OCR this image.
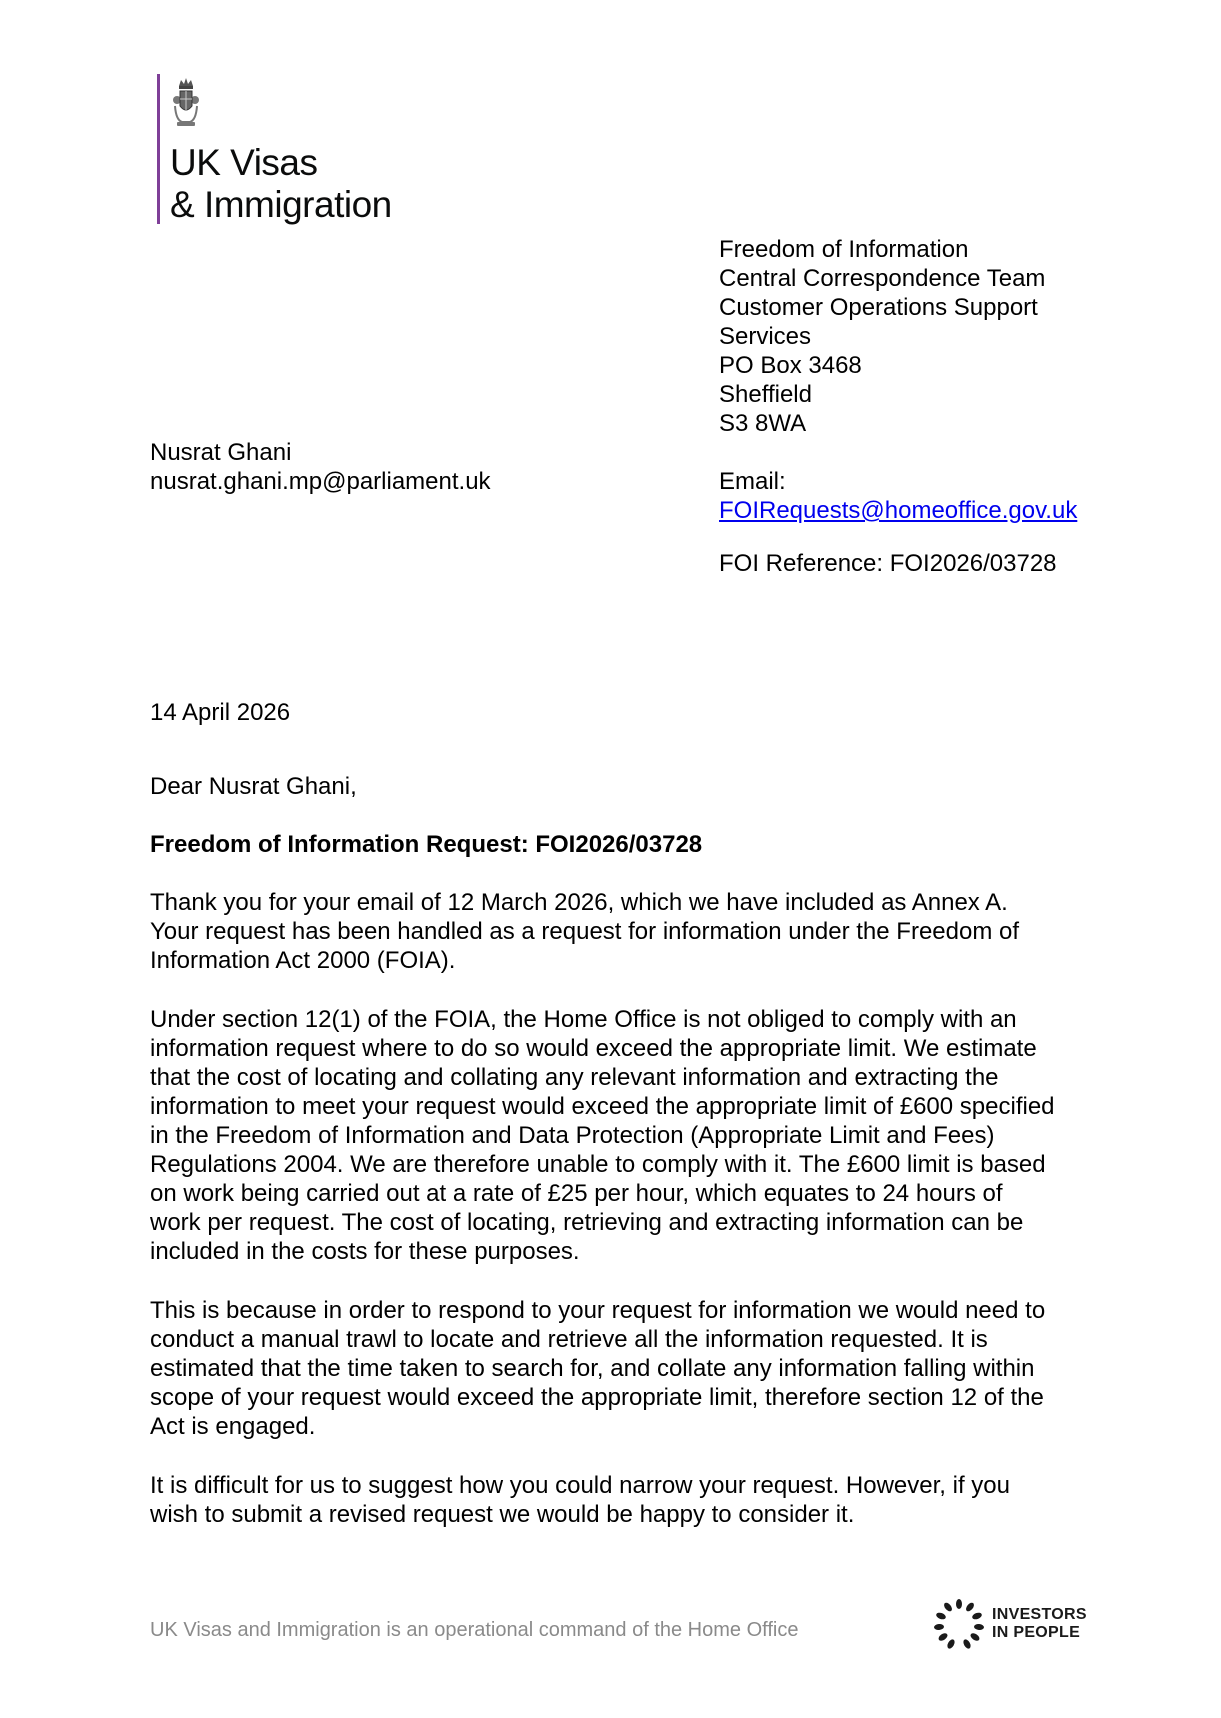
UK Visas
& Immigration
Freedom of Information
Central Correspondence Team
Customer Operations Support
Services
PO Box 3468
Sheffield
S3 8WA
Email:
FOIRequests@homeoffice.gov.uk
FOI Reference: FOI2026/03728
Nusrat Ghani
nusrat.ghani.mp@parliament.uk
14 April 2026
Dear Nusrat Ghani,
Freedom of Information Request: FOI2026/03728
Thank you for your email of 12 March 2026, which we have included as Annex A.
Your request has been handled as a request for information under the Freedom of
Information Act 2000 (FOIA).
Under section 12(1) of the FOIA, the Home Office is not obliged to comply with an
information request where to do so would exceed the appropriate limit. We estimate
that the cost of locating and collating any relevant information and extracting the
information to meet your request would exceed the appropriate limit of £600 specified
in the Freedom of Information and Data Protection (Appropriate Limit and Fees)
Regulations 2004. We are therefore unable to comply with it. The £600 limit is based
on work being carried out at a rate of £25 per hour, which equates to 24 hours of
work per request. The cost of locating, retrieving and extracting information can be
included in the costs for these purposes.
This is because in order to respond to your request for information we would need to
conduct a manual trawl to locate and retrieve all the information requested. It is
estimated that the time taken to search for, and collate any information falling within
scope of your request would exceed the appropriate limit, therefore section 12 of the
Act is engaged.
It is difficult for us to suggest how you could narrow your request. However, if you
wish to submit a revised request we would be happy to consider it.
UK Visas and Immigration is an operational command of the Home Office
INVESTORS
IN PEOPLE
